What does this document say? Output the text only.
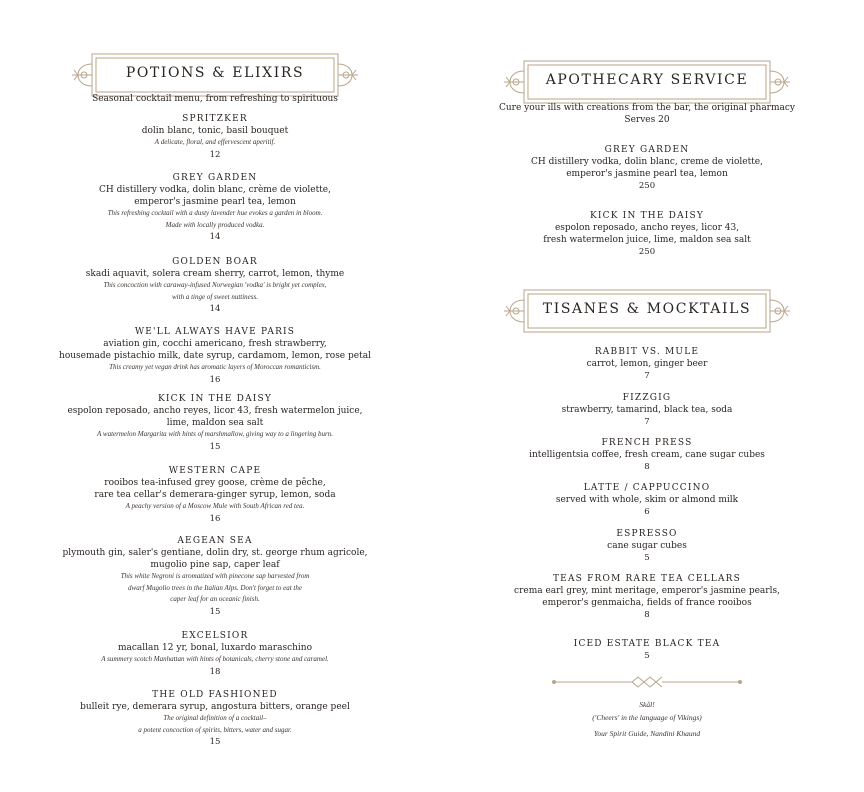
POTIONS & ELIXIRS
Seasonal cocktail menu, from refreshing to spirituous
SPRITZKER
dolin blanc, tonic, basil bouquet
A delicate, floral, and effervescent aperitif.
12
GREY GARDEN
CH distillery vodka, dolin blanc, crème de violette,
emperor's jasmine pearl tea, lemon
This refreshing cocktail with a dusty lavender hue evokes a garden in bloom.
Made with locally produced vodka.
14
GOLDEN BOAR
skadi aquavit, solera cream sherry, carrot, lemon, thyme
This concoction with caraway-infused Norwegian 'vodka' is bright yet complex,
with a tinge of sweet nuttiness.
14
WE'LL ALWAYS HAVE PARIS
aviation gin, cocchi americano, fresh strawberry,
housemade pistachio milk, date syrup, cardamom, lemon, rose petal
This creamy yet vegan drink has aromatic layers of Moroccan romanticism.
16
KICK IN THE DAISY
espolon reposado, ancho reyes, licor 43, fresh watermelon juice,
lime, maldon sea salt
A watermelon Margarita with hints of marshmallow, giving way to a lingering burn.
15
WESTERN CAPE
rooibos tea-infused grey goose, crème de pêche,
rare tea cellar's demerara-ginger syrup, lemon, soda
A peachy version of a Moscow Mule with South African red tea.
16
AEGEAN SEA
plymouth gin, saler's gentiane, dolin dry, st. george rhum agricole,
mugolio pine sap, caper leaf
This white Negroni is aromatized with pinecone sap harvested from
dwarf Mugolio trees in the Italian Alps. Don't forget to eat the
caper leaf for an oceanic finish.
15
EXCELSIOR
macallan 12 yr, bonal, luxardo maraschino
A summery scotch Manhattan with hints of botanicals, cherry stone and caramel.
18
THE OLD FASHIONED
bulleit rye, demerara syrup, angostura bitters, orange peel
The original definition of a cocktail–
a potent concoction of spirits, bitters, water and sugar.
15
APOTHECARY SERVICE
Cure your ills with creations from the bar, the original pharmacy
Serves 20
GREY GARDEN
CH distillery vodka, dolin blanc, creme de violette,
emperor's jasmine pearl tea, lemon
250
KICK IN THE DAISY
espolon reposado, ancho reyes, licor 43,
fresh watermelon juice, lime, maldon sea salt
250
TISANES & MOCKTAILS
RABBIT VS. MULE
carrot, lemon, ginger beer
7
FIZZGIG
strawberry, tamarind, black tea, soda
7
FRENCH PRESS
intelligentsia coffee, fresh cream, cane sugar cubes
8
LATTE / CAPPUCCINO
served with whole, skim or almond milk
6
ESPRESSO
cane sugar cubes
5
TEAS FROM RARE TEA CELLARS
crema earl grey, mint meritage, emperor's jasmine pearls,
emperor's genmaicha, fields of france rooibos
8
ICED ESTATE BLACK TEA
5
Skål!
('Cheers' in the language of Vikings)
Your Spirit Guide, Nandini Khaund
